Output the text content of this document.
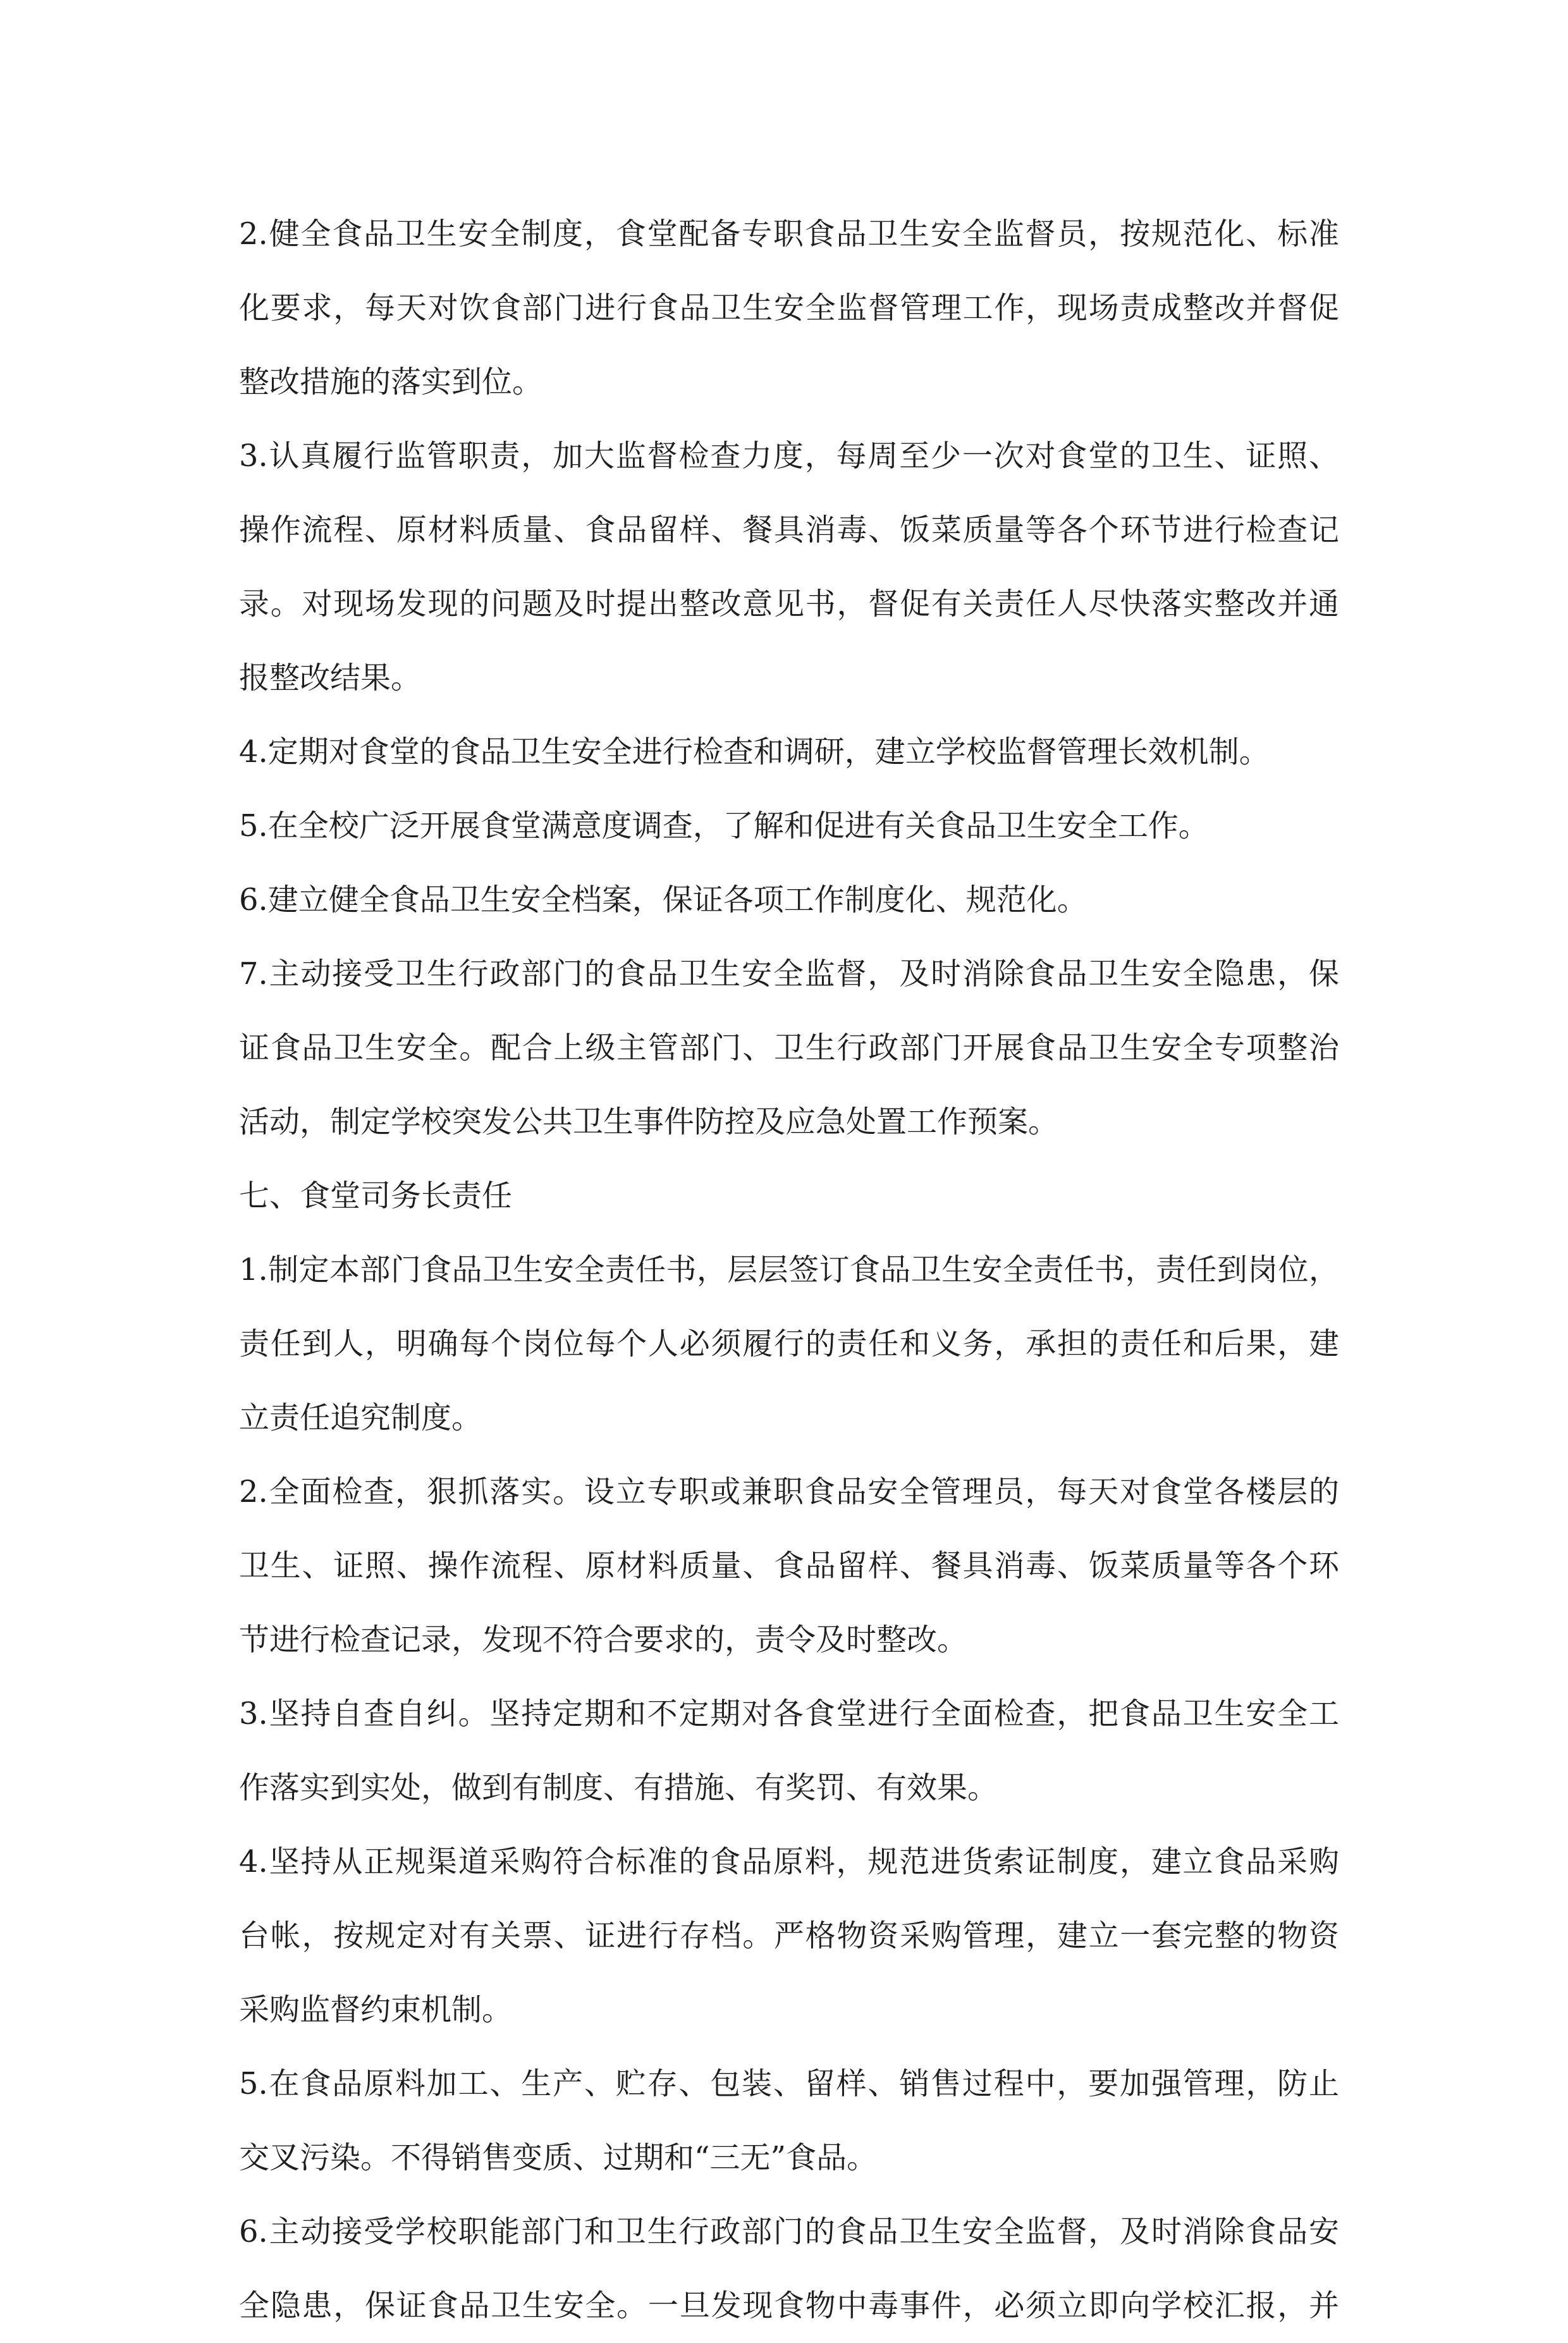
2.健全食品卫生安全制度，食堂配备专职食品卫生安全监督员，按规范化、标准
化要求，每天对饮食部门进行食品卫生安全监督管理工作，现场责成整改并督促
整改措施的落实到位。
3.认真履行监管职责，加大监督检查力度，每周至少一次对食堂的卫生、证照、
操作流程、原材料质量、食品留样、餐具消毒、饭菜质量等各个环节进行检查记
录。对现场发现的问题及时提出整改意见书，督促有关责任人尽快落实整改并通
报整改结果。
4.定期对食堂的食品卫生安全进行检查和调研，建立学校监督管理长效机制。
5.在全校广泛开展食堂满意度调查，了解和促进有关食品卫生安全工作。
6.建立健全食品卫生安全档案，保证各项工作制度化、规范化。
7.主动接受卫生行政部门的食品卫生安全监督，及时消除食品卫生安全隐患，保
证食品卫生安全。配合上级主管部门、卫生行政部门开展食品卫生安全专项整治
活动，制定学校突发公共卫生事件防控及应急处置工作预案。
七、食堂司务长责任
1.制定本部门食品卫生安全责任书，层层签订食品卫生安全责任书，责任到岗位，
责任到人，明确每个岗位每个人必须履行的责任和义务，承担的责任和后果，建
立责任追究制度。
2.全面检查，狠抓落实。设立专职或兼职食品安全管理员，每天对食堂各楼层的
卫生、证照、操作流程、原材料质量、食品留样、餐具消毒、饭菜质量等各个环
节进行检查记录，发现不符合要求的，责令及时整改。
3.坚持自查自纠。坚持定期和不定期对各食堂进行全面检查，把食品卫生安全工
作落实到实处，做到有制度、有措施、有奖罚、有效果。
4.坚持从正规渠道采购符合标准的食品原料，规范进货索证制度，建立食品采购
台帐，按规定对有关票、证进行存档。严格物资采购管理，建立一套完整的物资
采购监督约束机制。
5.在食品原料加工、生产、贮存、包装、留样、销售过程中，要加强管理，防止
交叉污染。不得销售变质、过期和“三无”食品。
6.主动接受学校职能部门和卫生行政部门的食品卫生安全监督，及时消除食品安
全隐患，保证食品卫生安全。一旦发现食物中毒事件，必须立即向学校汇报，并
